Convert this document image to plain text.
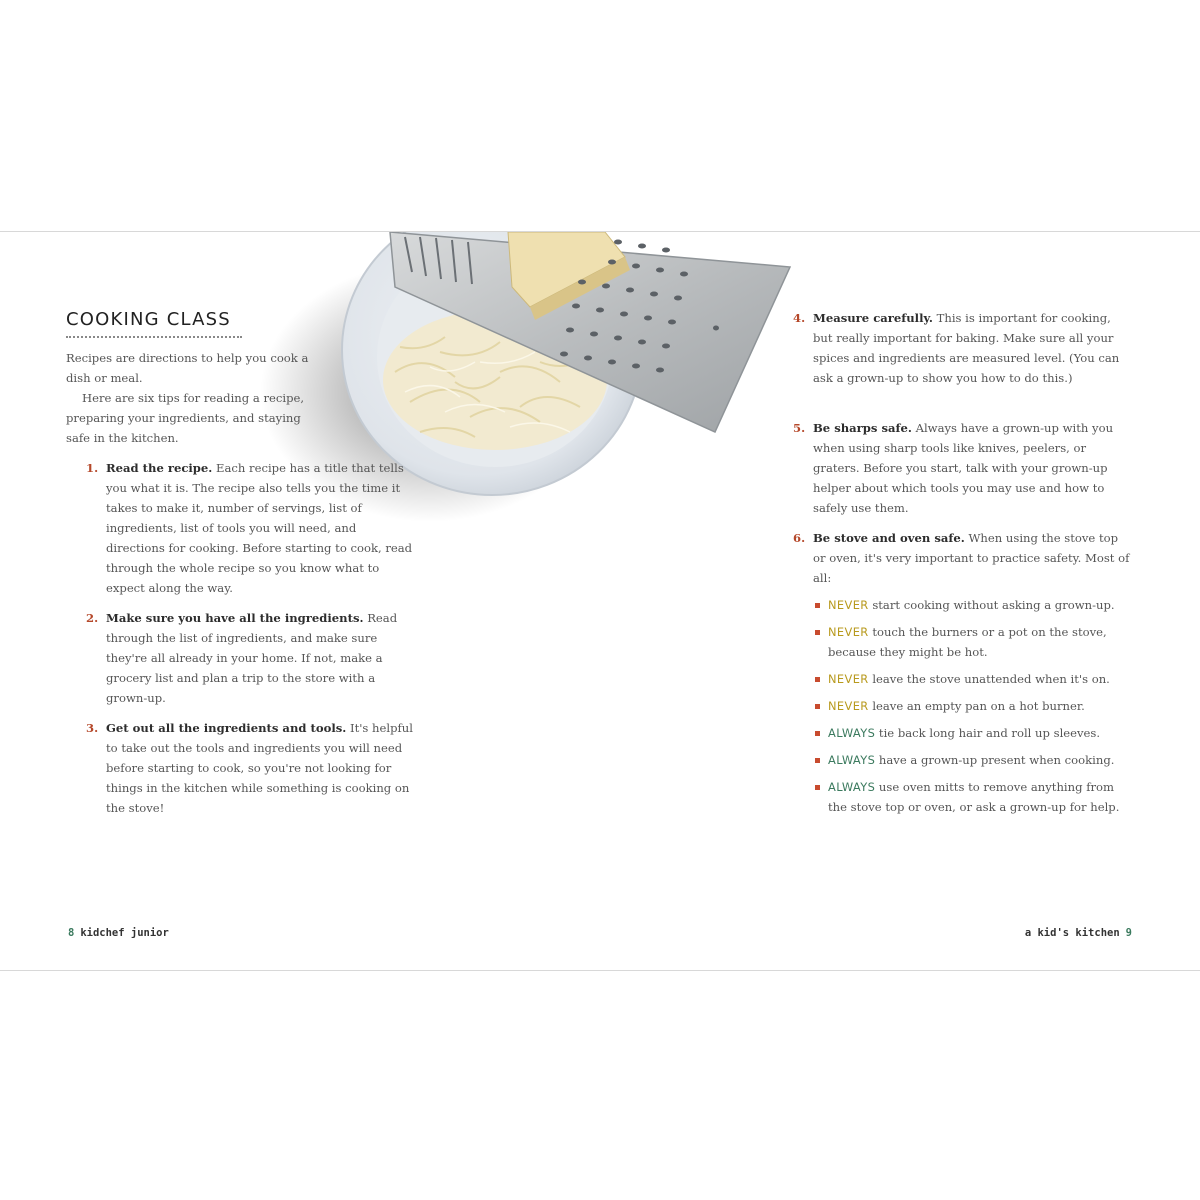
COOKING CLASS
Recipes are directions to help you cook a dish or meal.
Here are six tips for reading a recipe, preparing your ingredients, and staying safe in the kitchen.
1. Read the recipe. Each recipe has a title that tells you what it is. The recipe also tells you the time it takes to make it, number of servings, list of ingredients, list of tools you will need, and directions for cooking. Before starting to cook, read through the whole recipe so you know what to expect along the way.
2. Make sure you have all the ingredients. Read through the list of ingredients, and make sure they're all already in your home. If not, make a grocery list and plan a trip to the store with a grown-up.
3. Get out all the ingredients and tools. It's helpful to take out the tools and ingredients you will need before starting to cook, so you're not looking for things in the kitchen while something is cooking on the stove!
4. Measure carefully. This is important for cooking, but really important for baking. Make sure all your spices and ingredients are measured level. (You can ask a grown-up to show you how to do this.)
5. Be sharps safe. Always have a grown-up with you when using sharp tools like knives, peelers, or graters. Before you start, talk with your grown-up helper about which tools you may use and how to safely use them.
6. Be stove and oven safe. When using the stove top or oven, it's very important to practice safety. Most of all:
NEVER start cooking without asking a grown-up.
NEVER touch the burners or a pot on the stove, because they might be hot.
NEVER leave the stove unattended when it's on.
NEVER leave an empty pan on a hot burner.
ALWAYS tie back long hair and roll up sleeves.
ALWAYS have a grown-up present when cooking.
ALWAYS use oven mitts to remove anything from the stove top or oven, or ask a grown-up for help.
8 kidchef junior	a kid's kitchen 9
